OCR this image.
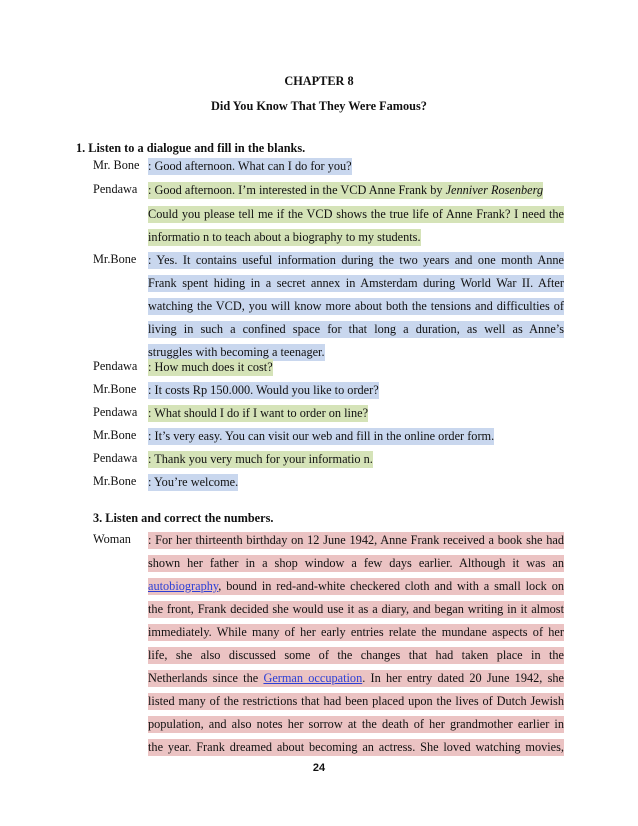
CHAPTER 8
Did You Know That They Were Famous?
1. Listen to a dialogue and fill in the blanks.
Mr. Bone : Good afternoon. What can I do for you?
Pendawa : Good afternoon. I’m interested in the VCD Anne Frank by Jenniver Rosenberg
Could you please tell me if the VCD shows the true life of Anne Frank? I need the
informatio n to teach about a biography to my students.
Mr.Bone : Yes. It contains useful information during the two years and one month Anne
Frank spent hiding in a secret annex in Amsterdam during World War II. After
watching the VCD, you will know more about both the tensions and difficulties of
living in such a confined space for that long a duration, as well as Anne’s
struggles with becoming a teenager.
Pendawa : How much does it cost?
Mr.Bone : It costs Rp 150.000. Would you like to order?
Pendawa : What should I do if I want to order on line?
Mr.Bone : It’s very easy. You can visit our web and fill in the online order form.
Pendawa : Thank you very much for your informatio n.
Mr.Bone : You’re welcome.
3. Listen and correct the numbers.
Woman : For her thirteenth birthday on 12 June 1942, Anne Frank received a book she had
shown her father in a shop window a few days earlier. Although it was an
autobiography, bound in red-and-white checkered cloth and with a small lock on
the front, Frank decided she would use it as a diary, and began writing in it almost
immediately. While many of her early entries relate the mundane aspects of her
life, she also discussed some of the changes that had taken place in the
Netherlands since the German occupation. In her entry dated 20 June 1942, she
listed many of the restrictions that had been placed upon the lives of Dutch Jewish
population, and also notes her sorrow at the death of her grandmother earlier in
the year. Frank dreamed about becoming an actress. She loved watching movies,
24
